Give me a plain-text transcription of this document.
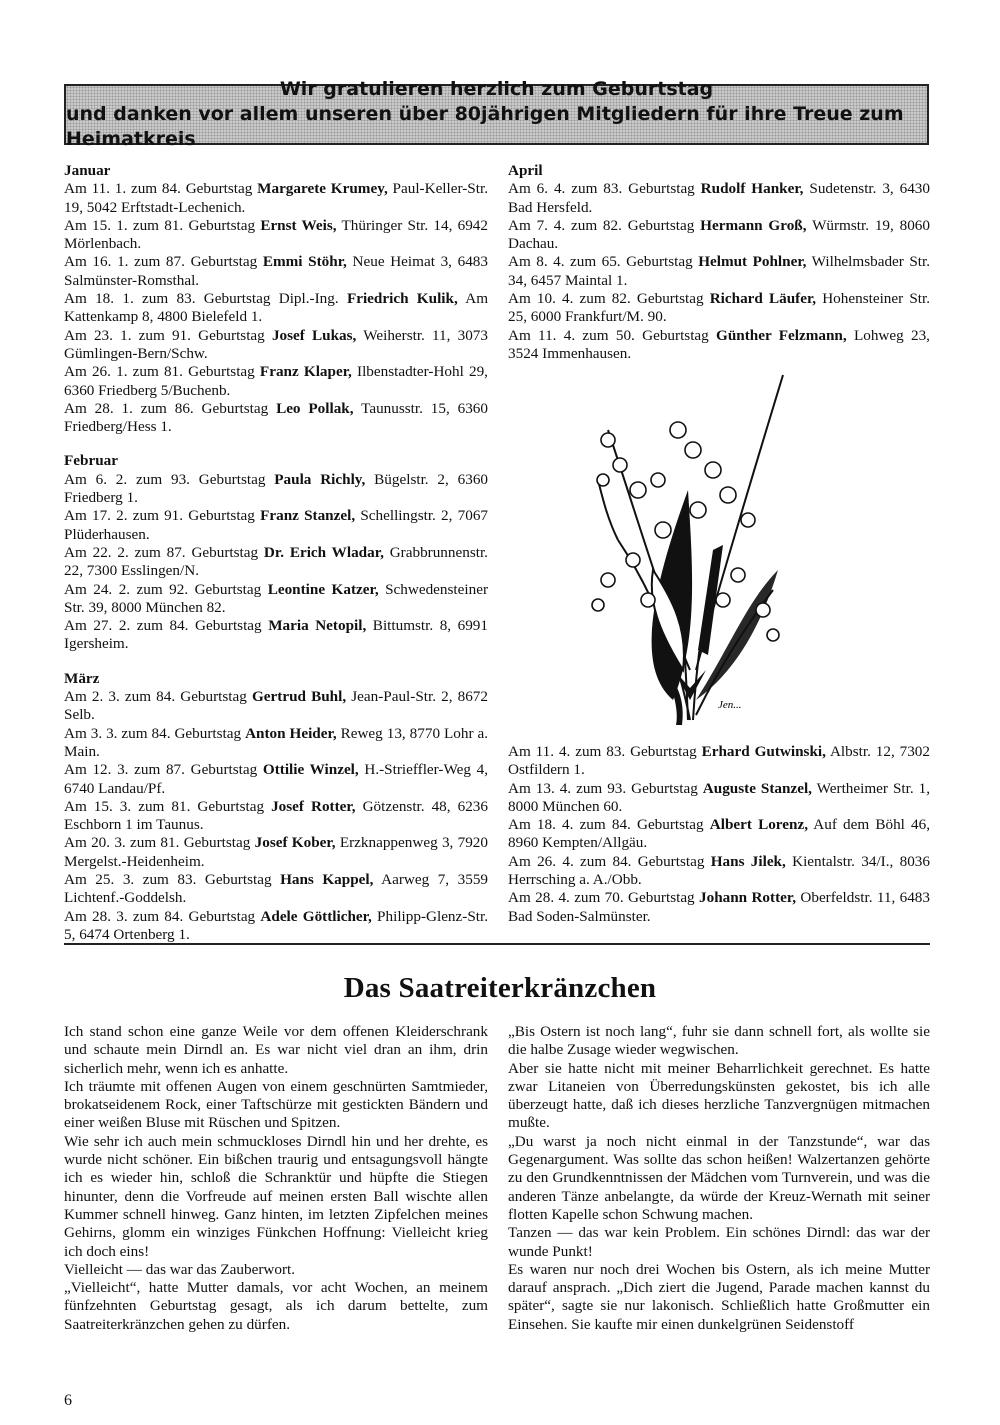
Wir gratulieren herzlich zum Geburtstag
und danken vor allem unseren über 80jährigen Mitgliedern für ihre Treue zum Heimatkreis

Januar

Am 11. 1. zum 84. Geburtstag Margarete Krumey, Paul-Keller-Str. 19, 5042 Erftstadt-Lechenich.

Am 15. 1. zum 81. Geburtstag Ernst Weis, Thüringer Str. 14, 6942 Mörlenbach.

Am 16. 1. zum 87. Geburtstag Emmi Stöhr, Neue Heimat 3, 6483 Salmünster-Romsthal.

Am 18. 1. zum 83. Geburtstag Dipl.-Ing. Friedrich Kulik, Am Kattenkamp 8, 4800 Bielefeld 1.

Am 23. 1. zum 91. Geburtstag Josef Lukas, Weiherstr. 11, 3073 Gümlingen-Bern/Schw.

Am 26. 1. zum 81. Geburtstag Franz Klaper, Ilbenstadter-Hohl 29, 6360 Friedberg 5/Buchenb.

Am 28. 1. zum 86. Geburtstag Leo Pollak, Taunusstr. 15, 6360 Friedberg/Hess 1.

Februar

Am 6. 2. zum 93. Geburtstag Paula Richly, Bügelstr. 2, 6360 Friedberg 1.

Am 17. 2. zum 91. Geburtstag Franz Stanzel, Schellingstr. 2, 7067 Plüderhausen.

Am 22. 2. zum 87. Geburtstag Dr. Erich Wladar, Grabbrunnenstr. 22, 7300 Esslingen/N.

Am 24. 2. zum 92. Geburtstag Leontine Katzer, Schwedensteiner Str. 39, 8000 München 82.

Am 27. 2. zum 84. Geburtstag Maria Netopil, Bittumstr. 8, 6991 Igersheim.

März

Am 2. 3. zum 84. Geburtstag Gertrud Buhl, Jean-Paul-Str. 2, 8672 Selb.

Am 3. 3. zum 84. Geburtstag Anton Heider, Reweg 13, 8770 Lohr a. Main.

Am 12. 3. zum 87. Geburtstag Ottilie Winzel, H.-Strieffler-Weg 4, 6740 Landau/Pf.

Am 15. 3. zum 81. Geburtstag Josef Rotter, Götzenstr. 48, 6236 Eschborn 1 im Taunus.

Am 20. 3. zum 81. Geburtstag Josef Kober, Erzknappenweg 3, 7920 Mergelst.-Heidenheim.

Am 25. 3. zum 83. Geburtstag Hans Kappel, Aarweg 7, 3559 Lichtenf.-Goddelsh.

Am 28. 3. zum 84. Geburtstag Adele Göttlicher, Philipp-Glenz-Str. 5, 6474 Ortenberg 1.

April

Am 6. 4. zum 83. Geburtstag Rudolf Hanker, Sudetenstr. 3, 6430 Bad Hersfeld.

Am 7. 4. zum 82. Geburtstag Hermann Groß, Würmstr. 19, 8060 Dachau.

Am 8. 4. zum 65. Geburtstag Helmut Pohlner, Wilhelmsbader Str. 34, 6457 Maintal 1.

Am 10. 4. zum 82. Geburtstag Richard Läufer, Hohensteiner Str. 25, 6000 Frankfurt/M. 90.

Am 11. 4. zum 50. Geburtstag Günther Felzmann, Lohweg 23, 3524 Immenhausen.

Jen...

Am 11. 4. zum 83. Geburtstag Erhard Gutwinski, Albstr. 12, 7302 Ostfildern 1.

Am 13. 4. zum 93. Geburtstag Auguste Stanzel, Wertheimer Str. 1, 8000 München 60.

Am 18. 4. zum 84. Geburtstag Albert Lorenz, Auf dem Böhl 46, 8960 Kempten/Allgäu.

Am 26. 4. zum 84. Geburtstag Hans Jilek, Kientalstr. 34/I., 8036 Herrsching a. A./Obb.

Am 28. 4. zum 70. Geburtstag Johann Rotter, Oberfeldstr. 11, 6483 Bad Soden-Salmünster.

Das Saatreiterkränzchen

Ich stand schon eine ganze Weile vor dem offenen Kleiderschrank und schaute mein Dirndl an. Es war nicht viel dran an ihm, drin sicherlich mehr, wenn ich es anhatte.

Ich träumte mit offenen Augen von einem geschnürten Samtmieder, brokatseidenem Rock, einer Taftschürze mit gestickten Bändern und einer weißen Bluse mit Rüschen und Spitzen.

Wie sehr ich auch mein schmuckloses Dirndl hin und her drehte, es wurde nicht schöner. Ein bißchen traurig und entsagungsvoll hängte ich es wieder hin, schloß die Schranktür und hüpfte die Stiegen hinunter, denn die Vorfreude auf meinen ersten Ball wischte allen Kummer schnell hinweg. Ganz hinten, im letzten Zipfelchen meines Gehirns, glomm ein winziges Fünkchen Hoffnung: Vielleicht krieg ich doch eins!

Vielleicht — das war das Zauberwort.

„Vielleicht“, hatte Mutter damals, vor acht Wochen, an meinem fünfzehnten Geburtstag gesagt, als ich darum bettelte, zum Saatreiterkränzchen gehen zu dürfen.

„Bis Ostern ist noch lang“, fuhr sie dann schnell fort, als wollte sie die halbe Zusage wieder wegwischen.

Aber sie hatte nicht mit meiner Beharrlichkeit gerechnet. Es hatte zwar Litaneien von Überredungskünsten gekostet, bis ich alle überzeugt hatte, daß ich dieses herzliche Tanzvergnügen mitmachen mußte.

„Du warst ja noch nicht einmal in der Tanzstunde“, war das Gegenargument. Was sollte das schon heißen! Walzertanzen gehörte zu den Grundkenntnissen der Mädchen vom Turnverein, und was die anderen Tänze anbelangte, da würde der Kreuz-Wernath mit seiner flotten Kapelle schon Schwung machen.

Tanzen — das war kein Problem. Ein schönes Dirndl: das war der wunde Punkt!

Es waren nur noch drei Wochen bis Ostern, als ich meine Mutter darauf ansprach. „Dich ziert die Jugend, Parade machen kannst du später“, sagte sie nur lakonisch. Schließlich hatte Großmutter ein Einsehen. Sie kaufte mir einen dunkelgrünen Seidenstoff

6
